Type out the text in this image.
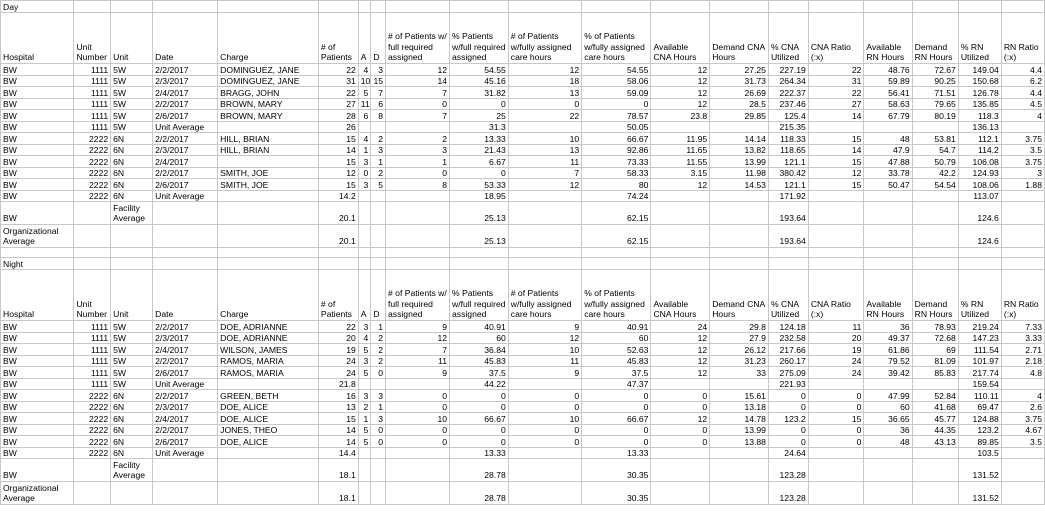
Day																			
Hospital	Unit Number	Unit	Date	Charge	# of Patients	A	D	# of Patients w/ full required assigned	% Patients w/full required assigned	# of Patients w/fully assigned care hours	% of Patients w/fully assigned care hours	Available CNA Hours	Demand CNA Hours	% CNA Utilized	CNA Ratio (:x)	Available RN Hours	Demand RN Hours	% RN Utilized	RN Ratio (:x)
BW	1111	5W	2/2/2017	DOMINGUEZ, JANE	22	4	3	12	54.55	12	54.55	12	27.25	227.19	22	48.76	72.67	149.04	4.4
BW	1111	5W	2/3/2017	DOMINGUEZ, JANE	31	10	15	14	45.16	18	58.06	12	31.73	264.34	31	59.89	90.25	150.68	6.2
BW	1111	5W	2/4/2017	BRAGG, JOHN	22	5	7	7	31.82	13	59.09	12	26.69	222.37	22	56.41	71.51	126.78	4.4
BW	1111	5W	2/2/2017	BROWN, MARY	27	11	6	0	0	0	0	12	28.5	237.46	27	58.63	79.65	135.85	4.5
BW	1111	5W	2/6/2017	BROWN, MARY	28	6	8	7	25	22	78.57	23.8	29.85	125.4	14	67.79	80.19	118.3	4
BW	1111	5W	Unit Average		26				31.3		50.05			215.35				136.13	
BW	2222	6N	2/2/2017	HILL, BRIAN	15	4	2	2	13.33	10	66.67	11.95	14.14	118.33	15	48	53.81	112.1	3.75
BW	2222	6N	2/3/2017	HILL, BRIAN	14	1	3	3	21.43	13	92.86	11.65	13.82	118.65	14	47.9	54.7	114.2	3.5
BW	2222	6N	2/4/2017		15	3	1	1	6.67	11	73.33	11.55	13.99	121.1	15	47.88	50.79	106.08	3.75
BW	2222	6N	2/2/2017	SMITH, JOE	12	0	2	0	0	7	58.33	3.15	11.98	380.42	12	33.78	42.2	124.93	3
BW	2222	6N	2/6/2017	SMITH, JOE	15	3	5	8	53.33	12	80	12	14.53	121.1	15	50.47	54.54	108.06	1.88
BW	2222	6N	Unit Average		14.2				18.95		74.24			171.92				113.07	
BW		Facility Average			20.1				25.13		62.15			193.64				124.6	
Organizational Average					20.1				25.13		62.15			193.64				124.6	

Night																			
Hospital	Unit Number	Unit	Date	Charge	# of Patients	A	D	# of Patients w/ full required assigned	% Patients w/full required assigned	# of Patients w/fully assigned care hours	% of Patients w/fully assigned care hours	Available CNA Hours	Demand CNA Hours	% CNA Utilized	CNA Ratio (:x)	Available RN Hours	Demand RN Hours	% RN Utilized	RN Ratio (:x)
BW	1111	5W	2/2/2017	DOE, ADRIANNE	22	3	1	9	40.91	9	40.91	24	29.8	124.18	11	36	78.93	219.24	7.33
BW	1111	5W	2/3/2017	DOE, ADRIANNE	20	4	2	12	60	12	60	12	27.9	232.58	20	49.37	72.68	147.23	3.33
BW	1111	5W	2/4/2017	WILSON, JAMES	19	5	2	7	36.84	10	52.63	12	26.12	217.66	19	61.86	69	111.54	2.71
BW	1111	5W	2/2/2017	RAMOS, MARIA	24	3	2	11	45.83	11	45.83	12	31.23	260.17	24	79.52	81.09	101.97	2.18
BW	1111	5W	2/6/2017	RAMOS, MARIA	24	5	0	9	37.5	9	37.5	12	33	275.09	24	39.42	85.83	217.74	4.8
BW	1111	5W	Unit Average		21.8				44.22		47.37			221.93				159.54	
BW	2222	6N	2/2/2017	GREEN, BETH	16	3	3	0	0	0	0	0	15.61	0	0	47.99	52.84	110.11	4
BW	2222	6N	2/3/2017	DOE, ALICE	13	2	1	0	0	0	0	0	13.18	0	0	60	41.68	69.47	2.6
BW	2222	6N	2/4/2017	DOE, ALICE	15	1	3	10	66.67	10	66.67	12	14.78	123.2	15	36.65	45.77	124.88	3.75
BW	2222	6N	2/2/2017	JONES, THEO	14	5	0	0	0	0	0	0	13.99	0	0	36	44.35	123.2	4.67
BW	2222	6N	2/6/2017	DOE, ALICE	14	5	0	0	0	0	0	0	13.88	0	0	48	43.13	89.85	3.5
BW	2222	6N	Unit Average		14.4				13.33		13.33			24.64				103.5	
BW		Facility Average			18.1				28.78		30.35			123.28				131.52	
Organizational Average					18.1				28.78		30.35			123.28				131.52	
